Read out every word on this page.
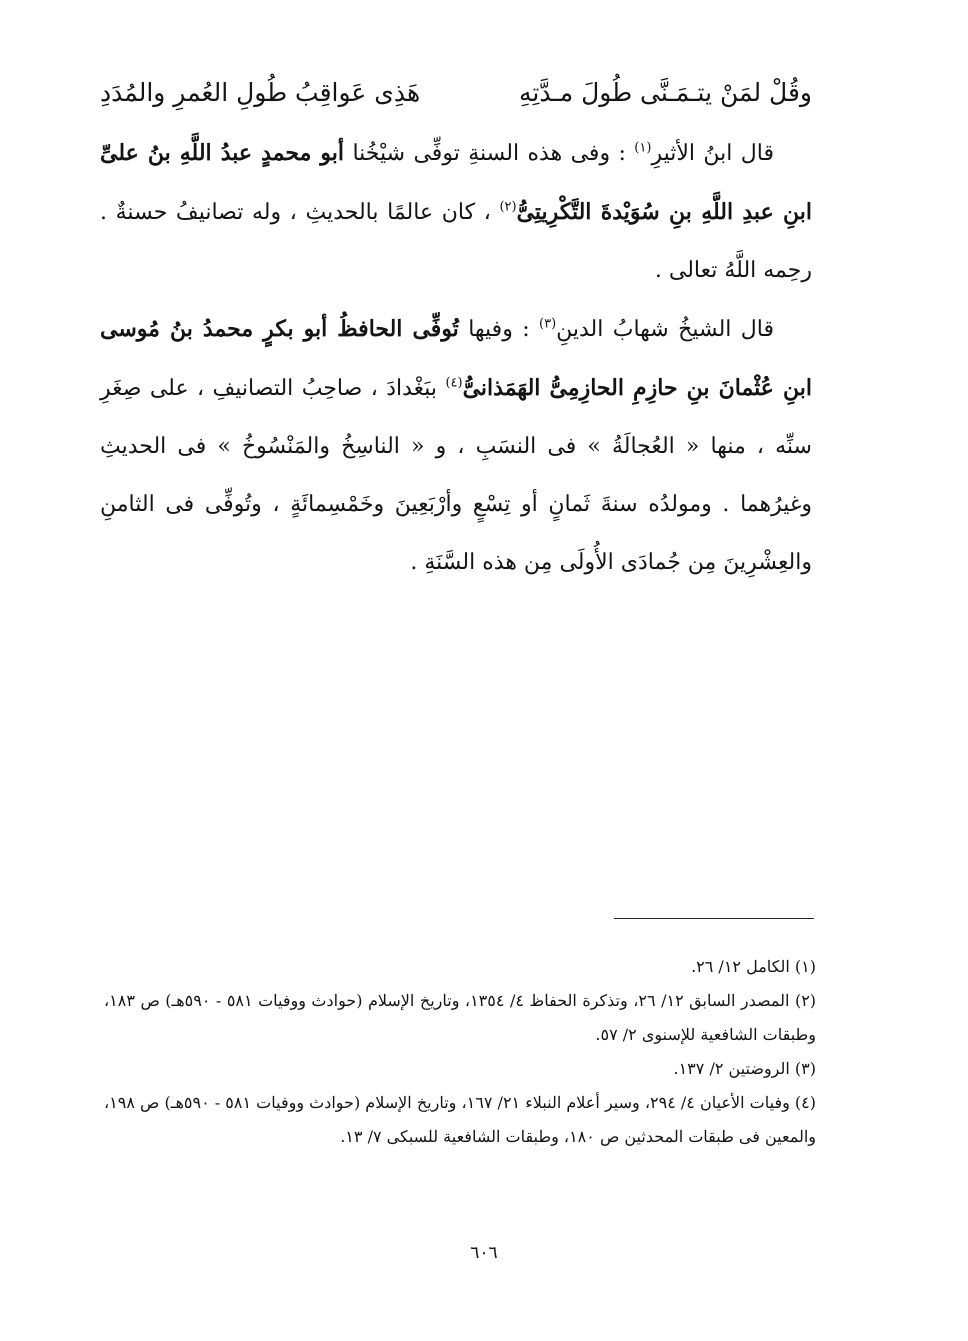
وقُلْ لمَنْ يتـمَـنَّى طُولَ مـدَّتِهِ
هَذِى عَواقِبُ طُولِ العُمرِ والمُدَدِ

قال ابنُ الأثيرِ$^{(١)}$ : وفى هذه السنةِ توفِّى شيْخُنا أبو محمدٍ عبدُ اللَّهِ بنُ علىِّ ابنِ عبدِ اللَّهِ بنِ سُوَيْدةَ التَّكْرِيتِىُّ$^{(٢)}$ ، كان عالمًا بالحديثِ ، وله تصانيفُ حسنةٌ . رحِمه اللَّهُ تعالى .

قال الشيخُ شهابُ الدينِ$^{(٣)}$ : وفيها تُوفِّى الحافظُ أبو بكرٍ محمدُ بنُ مُوسى ابنِ عُثْمانَ بنِ حازِمِ الحازِمِىُّ الهَمَذانىُّ$^{(٤)}$ ببَغْدادَ ، صاحِبُ التصانيفِ ، على صِغَرِ سنِّه ، منها « العُجالَةُ » فى النسَبِ ، و « الناسِخُ والمَنْسُوخُ » فى الحديثِ وغيرُهما . ومولدُه سنةَ ثَمانٍ أو تِسْعٍ وأرْبَعِينَ وخَمْسِمائَةٍ ، وتُوفِّى فى الثامنِ والعِشْرِينَ مِن جُمادَى الأُولَى مِن هذه السَّنَةِ .

(١) الكامل ١٢/ ٢٦.

(٢) المصدر السابق ١٢/ ٢٦، وتذكرة الحفاظ ٤/ ١٣٥٤، وتاريخ الإسلام (حوادث ووفيات ٥٨١ - ٥٩٠هـ) ص ١٨٣، وطبقات الشافعية للإسنوى ٢/ ٥٧.

(٣) الروضتين ٢/ ١٣٧.

(٤) وفيات الأعيان ٤/ ٢٩٤، وسير أعلام النبلاء ٢١/ ١٦٧، وتاريخ الإسلام (حوادث ووفيات ٥٨١ - ٥٩٠هـ) ص ١٩٨، والمعين فى طبقات المحدثين ص ١٨٠، وطبقات الشافعية للسبكى ٧/ ١٣.

٦٠٦
